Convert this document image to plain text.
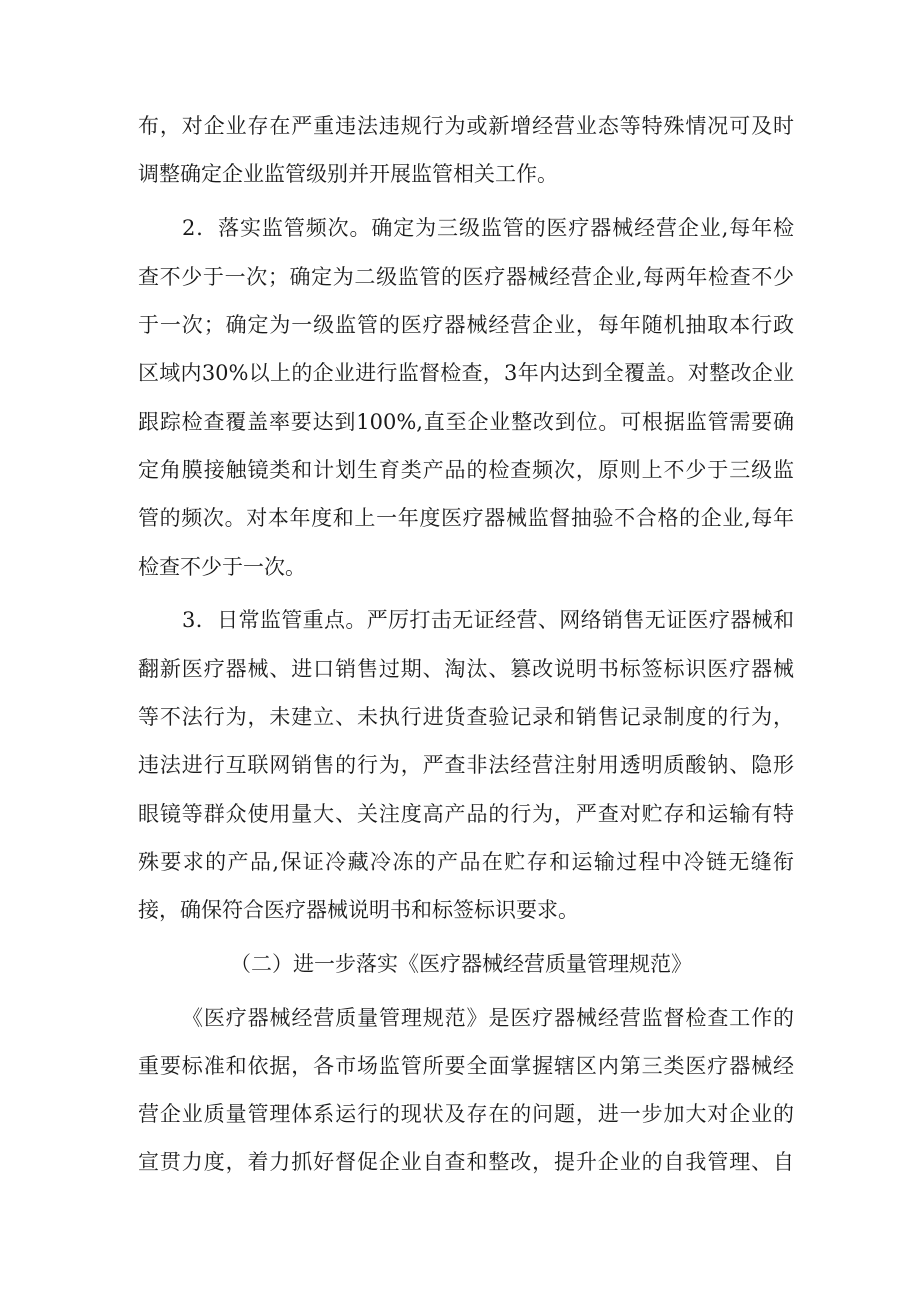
布，对企业存在严重违法违规行为或新增经营业态等特殊情况可及时
调整确定企业监管级别并开展监管相关工作。
2．落实监管频次。确定为三级监管的医疗器械经营企业,每年检
查不少于一次；确定为二级监管的医疗器械经营企业,每两年检查不少
于一次；确定为一级监管的医疗器械经营企业，每年随机抽取本行政
区域内30%以上的企业进行监督检查，3年内达到全覆盖。对整改企业
跟踪检查覆盖率要达到100%,直至企业整改到位。可根据监管需要确
定角膜接触镜类和计划生育类产品的检查频次，原则上不少于三级监
管的频次。对本年度和上一年度医疗器械监督抽验不合格的企业,每年
检查不少于一次。
3．日常监管重点。严厉打击无证经营、网络销售无证医疗器械和
翻新医疗器械、进口销售过期、淘汰、篡改说明书标签标识医疗器械
等不法行为，未建立、未执行进货查验记录和销售记录制度的行为，
违法进行互联网销售的行为，严查非法经营注射用透明质酸钠、隐形
眼镜等群众使用量大、关注度高产品的行为，严查对贮存和运输有特
殊要求的产品,保证冷藏冷冻的产品在贮存和运输过程中冷链无缝衔
接，确保符合医疗器械说明书和标签标识要求。
（二）进一步落实《医疗器械经营质量管理规范》
《医疗器械经营质量管理规范》是医疗器械经营监督检查工作的
重要标准和依据，各市场监管所要全面掌握辖区内第三类医疗器械经
营企业质量管理体系运行的现状及存在的问题，进一步加大对企业的
宣贯力度，着力抓好督促企业自查和整改，提升企业的自我管理、自
